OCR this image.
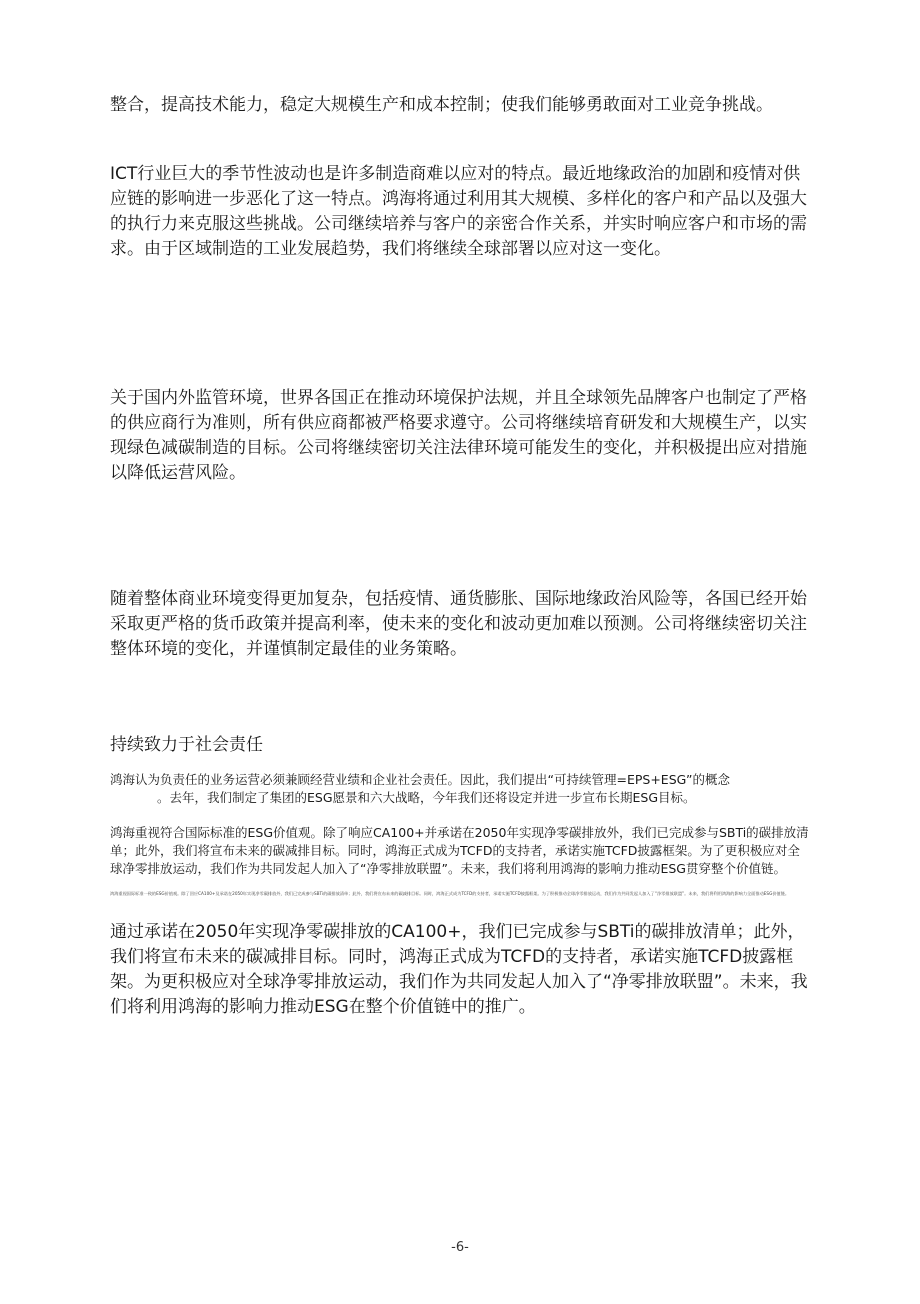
整合，提高技术能力，稳定大规模生产和成本控制；使我们能够勇敢面对工业竞争挑战。

ICT行业巨大的季节性波动也是许多制造商难以应对的特点。最近地缘政治的加剧和疫情对供应链的影响进一步恶化了这一特点。鸿海将通过利用其大规模、多样化的客户和产品以及强大的执行力来克服这些挑战。公司继续培养与客户的亲密合作关系，并实时响应客户和市场的需求。由于区域制造的工业发展趋势，我们将继续全球部署以应对这一变化。

关于国内外监管环境，世界各国正在推动环境保护法规，并且全球领先品牌客户也制定了严格的供应商行为准则，所有供应商都被严格要求遵守。公司将继续培育研发和大规模生产，以实现绿色减碳制造的目标。公司将继续密切关注法律环境可能发生的变化，并积极提出应对措施以降低运营风险。

随着整体商业环境变得更加复杂，包括疫情、通货膨胀、国际地缘政治风险等，各国已经开始采取更严格的货币政策并提高利率，使未来的变化和波动更加难以预测。公司将继续密切关注整体环境的变化，并谨慎制定最佳的业务策略。

持续致力于社会责任
鸿海认为负责任的业务运营必须兼顾经营业绩和企业社会责任。因此，我们提出“可持续管理=EPS+ESG”的概念
。去年，我们制定了集团的ESG愿景和六大战略，今年我们还将设定并进一步宣布长期ESG目标。

鸿海重视符合国际标准的ESG价值观。除了响应CA100+并承诺在2050年实现净零碳排放外，我们已完成参与SBTi的碳排放清单；此外，我们将宣布未来的碳减排目标。同时，鸿海正式成为TCFD的支持者，承诺实施TCFD披露框架。为了更积极应对全球净零排放运动，我们作为共同发起人加入了“净零排放联盟”。未来，我们将利用鸿海的影响力推动ESG贯穿整个价值链。

鸿海重视国际标准一致的ESG价值观。除了回应CA100+及承诺在2050年实现净零碳排放外，我们已完成参与SBTi的碳排放清单；此外，我们将宣布未来的碳减排目标。同时，鸿海正式成为TCFD的支持者，承诺实施TCFD披露框架。为了积极推动全球净零排放运动，我们作为共同发起人加入了“净零排放联盟”。未来，我们将利用鸿海的影响力全面推动ESG价值链。

通过承诺在2050年实现净零碳排放的CA100+，我们已完成参与SBTi的碳排放清单；此外，我们将宣布未来的碳减排目标。同时，鸿海正式成为TCFD的支持者，承诺实施TCFD披露框架。为更积极应对全球净零排放运动，我们作为共同发起人加入了“净零排放联盟”。未来，我们将利用鸿海的影响力推动ESG在整个价值链中的推广。

-6-
